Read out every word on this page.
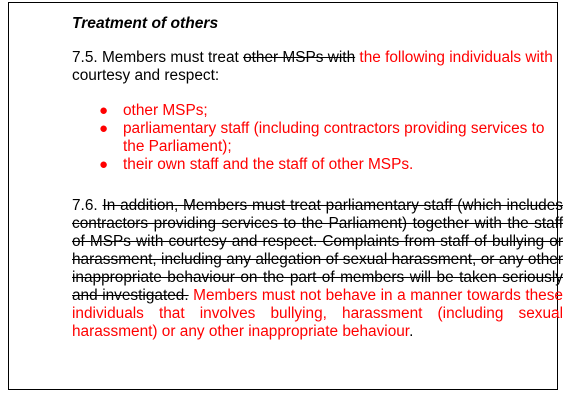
Treatment of others
7.5. Members must treat other MSPs with the following individuals with courtesy and respect:
● other MSPs;
● parliamentary staff (including contractors providing services to the Parliament);
● their own staff and the staff of other MSPs.
7.6. In addition, Members must treat parliamentary staff (which includes contractors providing services to the Parliament) together with the staff of MSPs with courtesy and respect. Complaints from staff of bullying or harassment, including any allegation of sexual harassment, or any other inappropriate behaviour on the part of members will be taken seriously and investigated. Members must not behave in a manner towards these individuals that involves bullying, harassment (including sexual harassment) or any other inappropriate behaviour.
